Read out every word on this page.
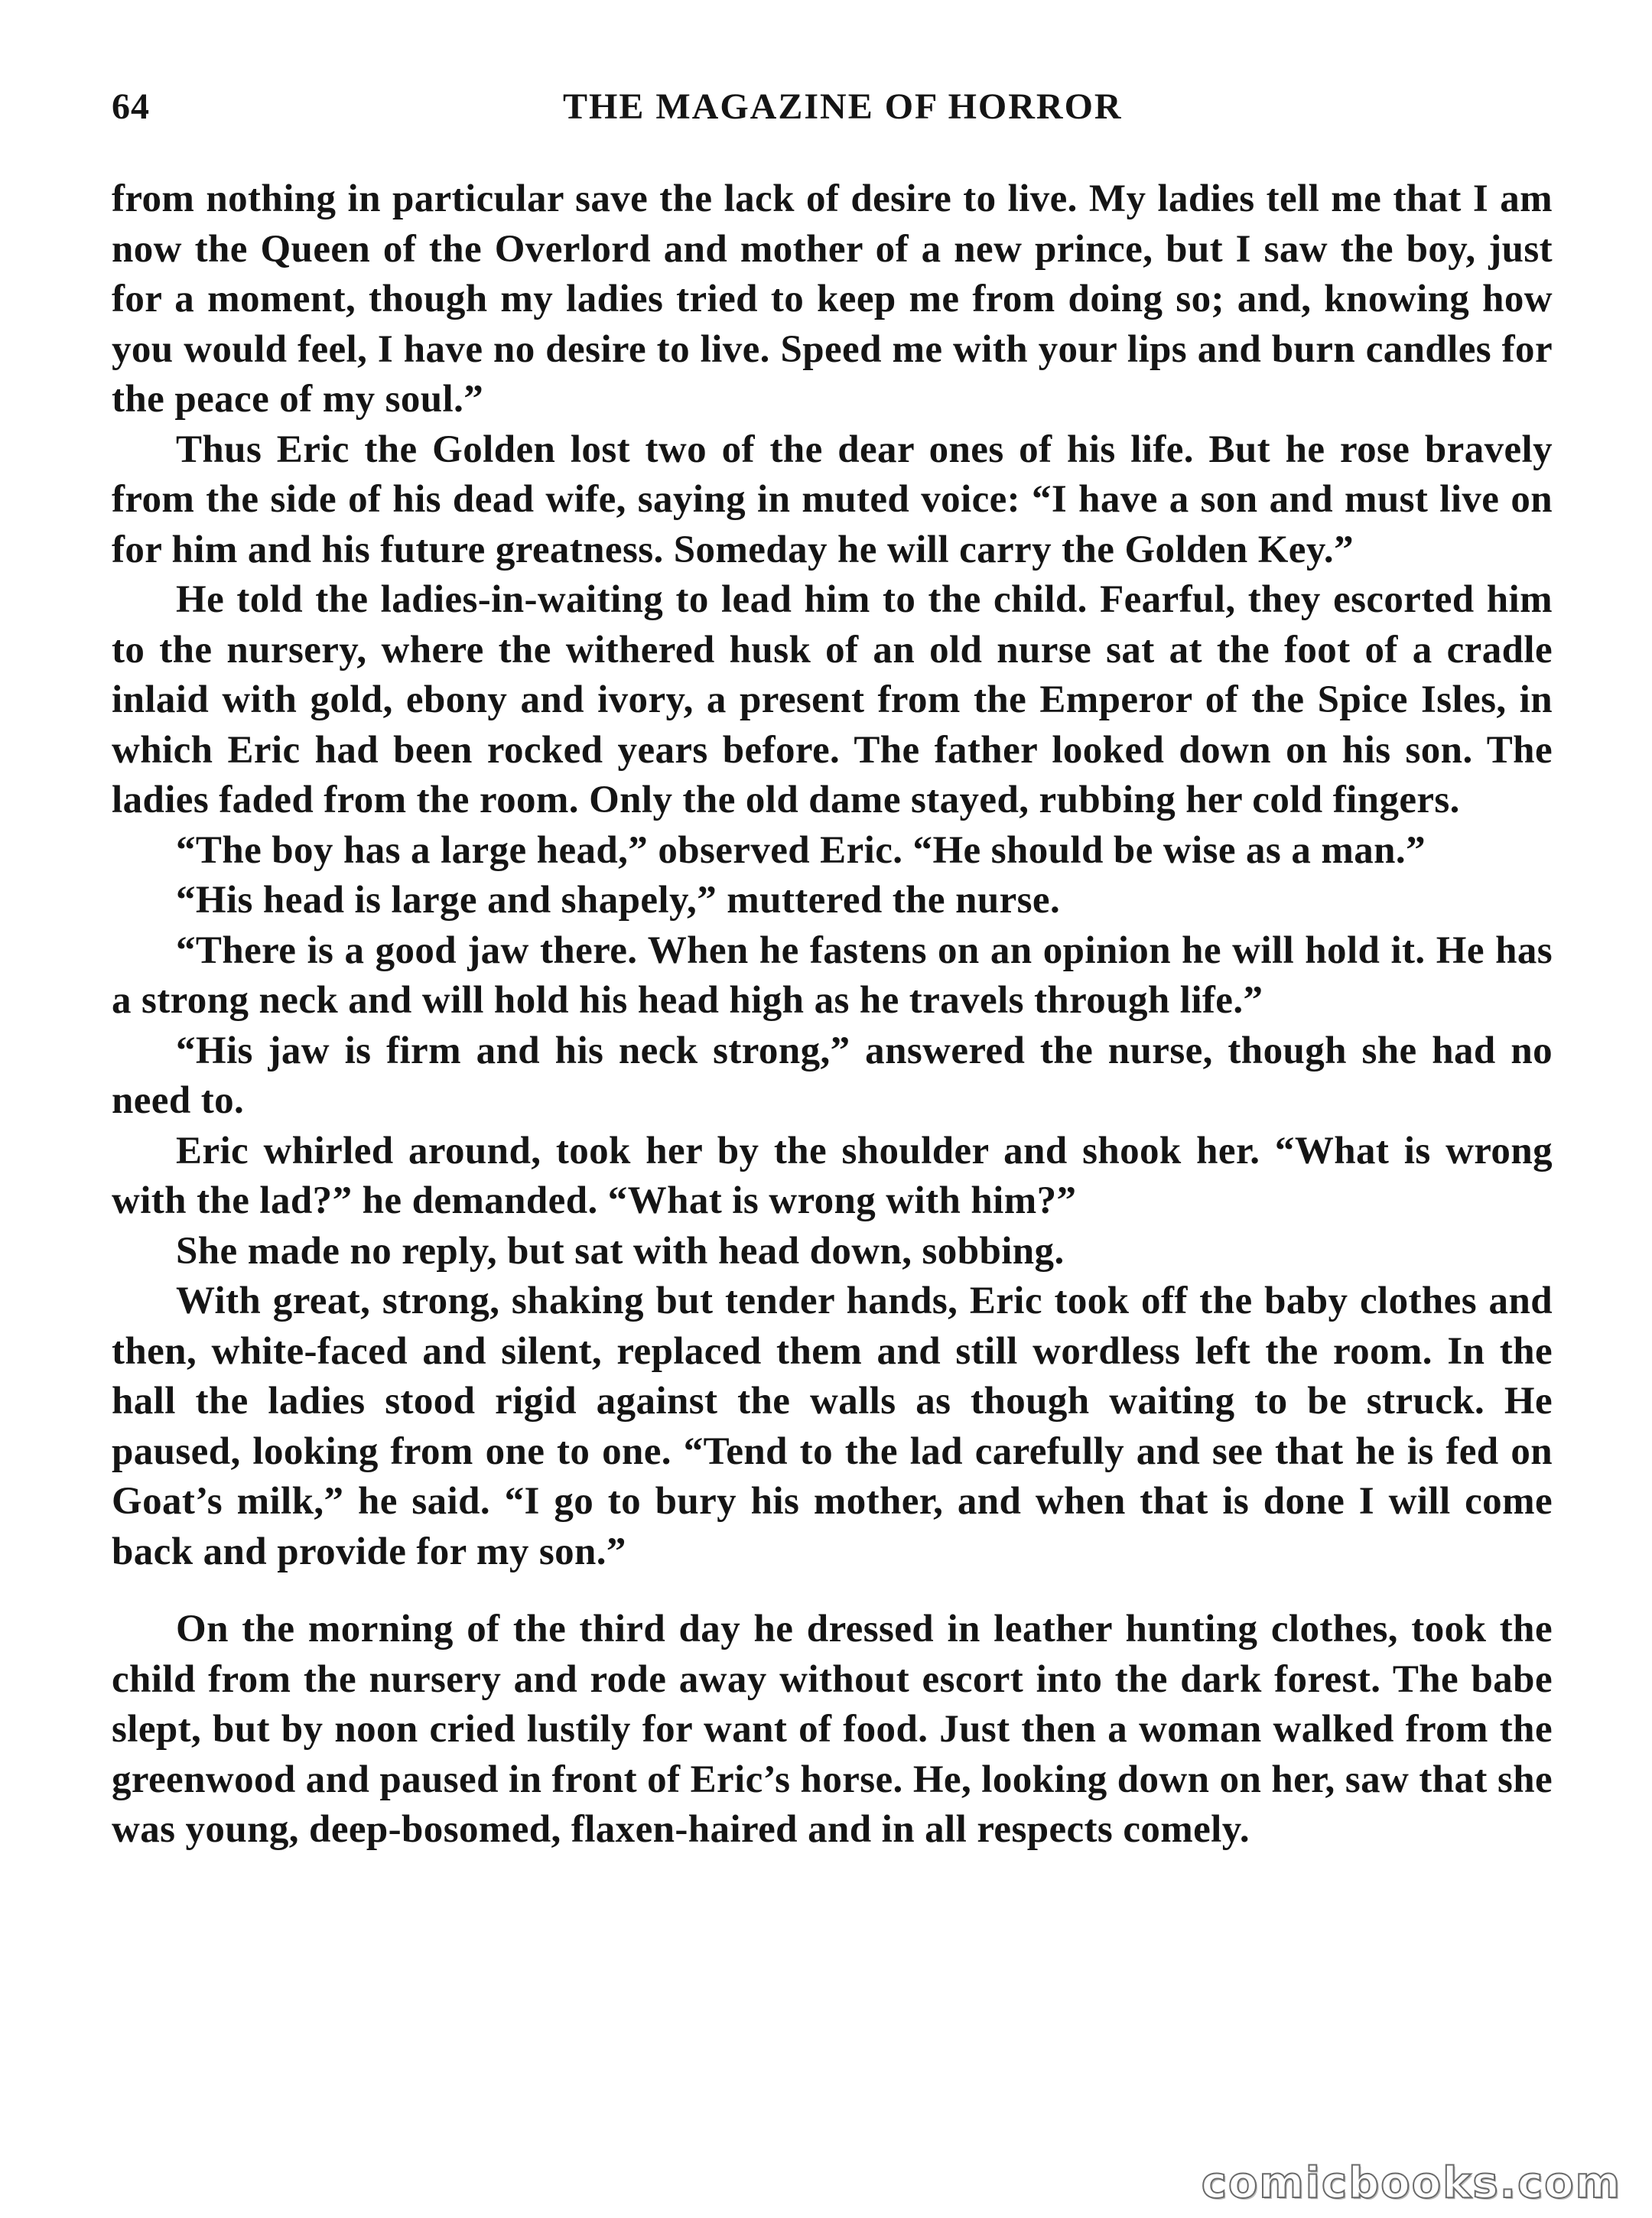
64	THE MAGAZINE OF HORROR

from nothing in particular save the lack of desire to live. My ladies tell me that I am now the Queen of the Overlord and mother of a new prince, but I saw the boy, just for a moment, though my ladies tried to keep me from doing so; and, knowing how you would feel, I have no desire to live. Speed me with your lips and burn candles for the peace of my soul.”

Thus Eric the Golden lost two of the dear ones of his life. But he rose bravely from the side of his dead wife, saying in muted voice: “I have a son and must live on for him and his future greatness. Someday he will carry the Golden Key.”

He told the ladies-in-waiting to lead him to the child. Fearful, they escorted him to the nursery, where the withered husk of an old nurse sat at the foot of a cradle inlaid with gold, ebony and ivory, a present from the Emperor of the Spice Isles, in which Eric had been rocked years before. The father looked down on his son. The ladies faded from the room. Only the old dame stayed, rubbing her cold fingers.

“The boy has a large head,” observed Eric. “He should be wise as a man.”

“His head is large and shapely,” muttered the nurse.

“There is a good jaw there. When he fastens on an opinion he will hold it. He has a strong neck and will hold his head high as he travels through life.”

“His jaw is firm and his neck strong,” answered the nurse, though she had no need to.

Eric whirled around, took her by the shoulder and shook her. “What is wrong with the lad?” he demanded. “What is wrong with him?”

She made no reply, but sat with head down, sobbing.

With great, strong, shaking but tender hands, Eric took off the baby clothes and then, white-faced and silent, replaced them and still wordless left the room. In the hall the ladies stood rigid against the walls as though waiting to be struck. He paused, looking from one to one. “Tend to the lad carefully and see that he is fed on Goat’s milk,” he said. “I go to bury his mother, and when that is done I will come back and provide for my son.”

On the morning of the third day he dressed in leather hunting clothes, took the child from the nursery and rode away without escort into the dark forest. The babe slept, but by noon cried lustily for want of food. Just then a woman walked from the greenwood and paused in front of Eric’s horse. He, looking down on her, saw that she was young, deep-bosomed, flaxen-haired and in all respects comely.

comicbooks.com
